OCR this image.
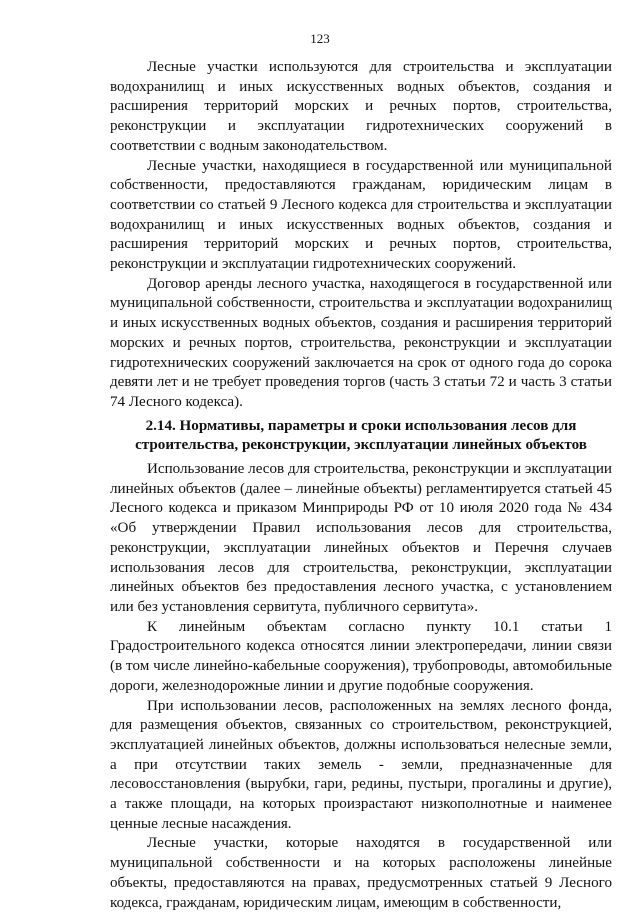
123

Лесные участки используются для строительства и эксплуатации водохранилищ и иных искусственных водных объектов, создания и расширения территорий морских и речных портов, строительства, реконструкции и эксплуатации гидротехнических сооружений в соответствии с водным законодательством.

Лесные участки, находящиеся в государственной или муниципальной собственности, предоставляются гражданам, юридическим лицам в соответствии со статьей 9 Лесного кодекса для строительства и эксплуатации водохранилищ и иных искусственных водных объектов, создания и расширения территорий морских и речных портов, строительства, реконструкции и эксплуатации гидротехнических сооружений.

Договор аренды лесного участка, находящегося в государственной или муниципальной собственности, строительства и эксплуатации водохранилищ и иных искусственных водных объектов, создания и расширения территорий морских и речных портов, строительства, реконструкции и эксплуатации гидротехнических сооружений заключается на срок от одного года до сорока девяти лет и не требует проведения торгов (часть 3 статьи 72 и часть 3 статьи 74 Лесного кодекса).

2.14. Нормативы, параметры и сроки использования лесов для
строительства, реконструкции, эксплуатации линейных объектов

Использование лесов для строительства, реконструкции и эксплуатации линейных объектов (далее – линейные объекты) регламентируется статьей 45 Лесного кодекса и приказом Минприроды РФ от 10 июля 2020 года № 434 «Об утверждении Правил использования лесов для строительства, реконструкции, эксплуатации линейных объектов и Перечня случаев использования лесов для строительства, реконструкции, эксплуатации линейных объектов без предоставления лесного участка, с установлением или без установления сервитута, публичного сервитута».

К линейным объектам согласно пункту 10.1 статьи 1 Градостроительного кодекса относятся линии электропередачи, линии связи (в том числе линейно-кабельные сооружения), трубопроводы, автомобильные дороги, железнодорожные линии и другие подобные сооружения.

При использовании лесов, расположенных на землях лесного фонда, для размещения объектов, связанных со строительством, реконструкцией, эксплуатацией линейных объектов, должны использоваться нелесные земли, а при отсутствии таких земель - земли, предназначенные для лесовосстановления (вырубки, гари, редины, пустыри, прогалины и другие), а также площади, на которых произрастают низкополнотные и наименее ценные лесные насаждения.

Лесные участки, которые находятся в государственной или муниципальной собственности и на которых расположены линейные объекты, предоставляются на правах, предусмотренных статьей 9 Лесного кодекса, гражданам, юридическим лицам, имеющим в собственности,
